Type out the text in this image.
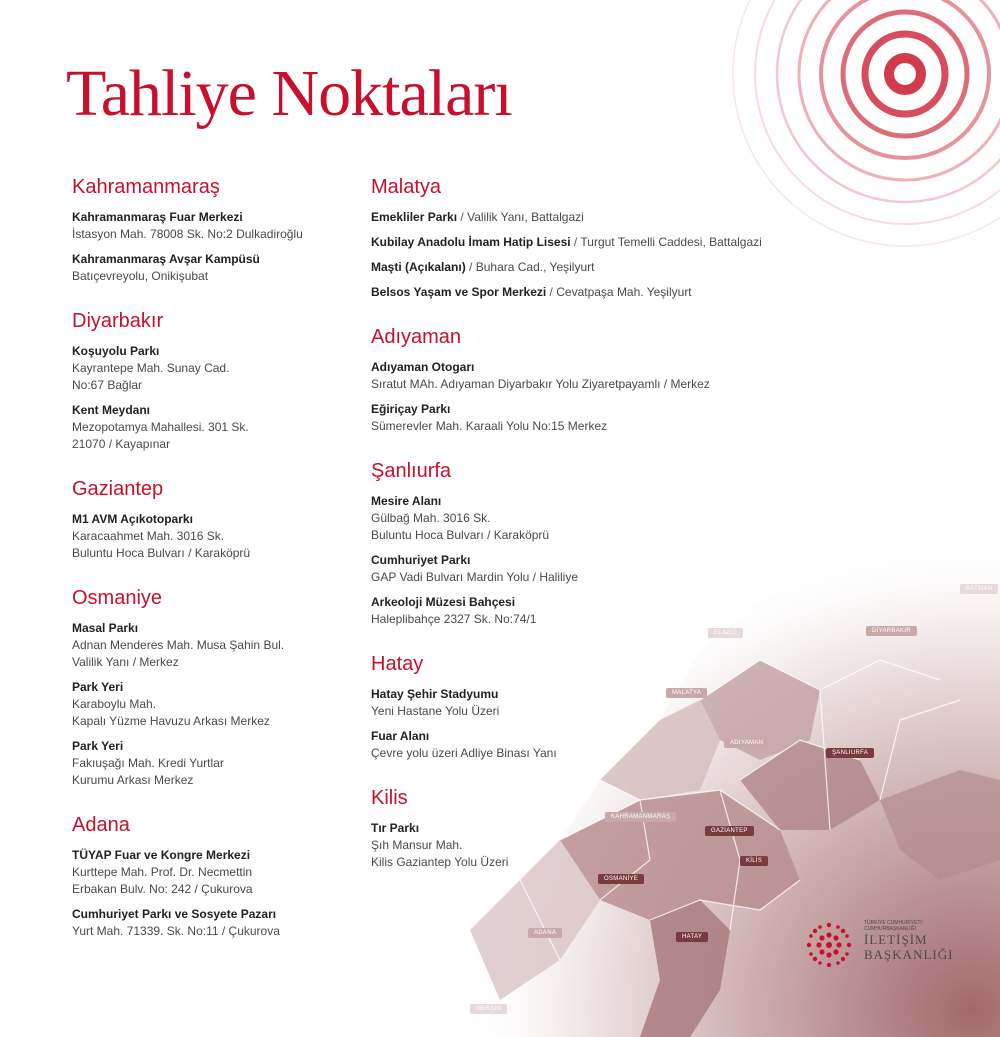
Tahliye Noktaları
Kahramanmaraş
Kahramanmaraş Fuar Merkezi
İstasyon Mah. 78008 Sk. No:2 Dulkadiroğlu
Kahramanmaraş Avşar Kampüsü
Batıçevreyolu, Onikişubat
Diyarbakır
Koşuyolu Parkı
Kayrantepe Mah. Sunay Cad.
No:67 Bağlar
Kent Meydanı
Mezopotamya Mahallesi. 301 Sk.
21070 / Kayapınar
Gaziantep
M1 AVM Açıkotoparkı
Karacaahmet Mah. 3016 Sk.
Buluntu Hoca Bulvarı / Karaköprü
Osmaniye
Masal Parkı
Adnan Menderes Mah. Musa Şahin Bul.
Valilik Yanı / Merkez
Park Yeri
Karaboylu Mah.
Kapalı Yüzme Havuzu Arkası Merkez
Park Yeri
Fakıuşağı Mah. Kredi Yurtlar
Kurumu Arkası Merkez
Adana
TÜYAP Fuar ve Kongre Merkezi
Kurttepe Mah. Prof. Dr. Necmettin
Erbakan Bulv. No: 242 / Çukurova
Cumhuriyet Parkı ve Sosyete Pazarı
Yurt Mah. 71339. Sk. No:11 / Çukurova
Malatya
Emekliler Parkı / Valilik Yanı, Battalgazi
Kubilay Anadolu İmam Hatip Lisesi / Turgut Temelli Caddesi, Battalgazi
Maşti (Açıkalanı) / Buhara Cad., Yeşilyurt
Belsos Yaşam ve Spor Merkezi / Cevatpaşa Mah. Yeşilyurt
Adıyaman
Adıyaman Otogarı
Sıratut MAh. Adıyaman Diyarbakır Yolu Ziyaretpayamlı / Merkez
Eğiriçay Parkı
Sümerevler Mah. Karaali Yolu No:15 Merkez
Şanlıurfa
Mesire Alanı
Gülbağ Mah. 3016 Sk.
Buluntu Hoca Bulvarı / Karaköprü
Cumhuriyet Parkı
GAP Vadi Bulvarı Mardin Yolu / Haliliye
Arkeoloji Müzesi Bahçesi
Haleplibahçe 2327 Sk. No:74/1
Hatay
Hatay Şehir Stadyumu
Yeni Hastane Yolu Üzeri
Fuar Alanı
Çevre yolu üzeri Adliye Binası Yanı
Kilis
Tır Parkı
Şıh Mansur Mah.
Kilis Gaziantep Yolu Üzeri
KAHRAMANMARAŞ
GAZİANTEP
KİLİS
OSMANİYE
ADANA
HATAY
MALATYA
ADIYAMAN
ŞANLIURFA
DİYARBAKIR
ELAZIĞ
BATMAN
MERSİN
TÜRKİYE CUMHURİYETİ CUMHURBAŞKANLIĞI
İLETİŞİM
BAŞKANLIĞI
